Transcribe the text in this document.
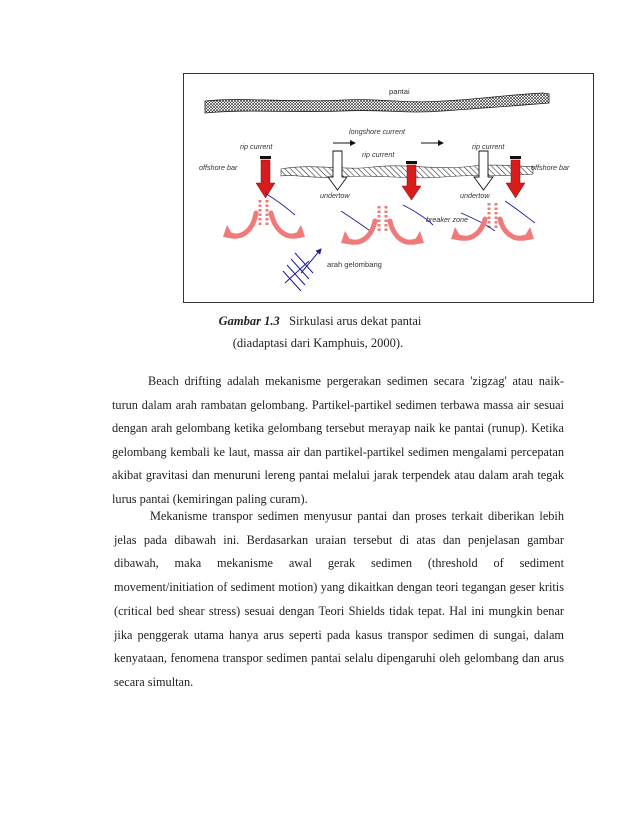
pantai
longshore current
rip current
rip current
rip current
offshore bar	offshore bar
undertow	undertow
breaker zone
arah gelombang
Gambar 1.3 Sirkulasi arus dekat pantai
(diadaptasi dari Kamphuis, 2000).
Beach drifting adalah mekanisme pergerakan sedimen secara 'zigzag' atau naik-turun dalam arah rambatan gelombang. Partikel-partikel sedimen terbawa massa air sesuai dengan arah gelombang ketika gelombang tersebut merayap naik ke pantai (runup). Ketika gelombang kembali ke laut, massa air dan partikel-partikel sedimen mengalami percepatan akibat gravitasi dan menuruni lereng pantai melalui jarak terpendek atau dalam arah tegak lurus pantai (kemiringan paling curam).
Mekanisme transpor sedimen menyusur pantai dan proses terkait diberikan lebih jelas pada dibawah ini. Berdasarkan uraian tersebut di atas dan penjelasan gambar dibawah, maka mekanisme awal gerak sedimen (threshold of sediment movement/initiation of sediment motion) yang dikaitkan dengan teori tegangan geser kritis (critical bed shear stress) sesuai dengan Teori Shields tidak tepat. Hal ini mungkin benar jika penggerak utama hanya arus seperti pada kasus transpor sedimen di sungai, dalam kenyataan, fenomena transpor sedimen pantai selalu dipengaruhi oleh gelombang dan arus secara simultan.
